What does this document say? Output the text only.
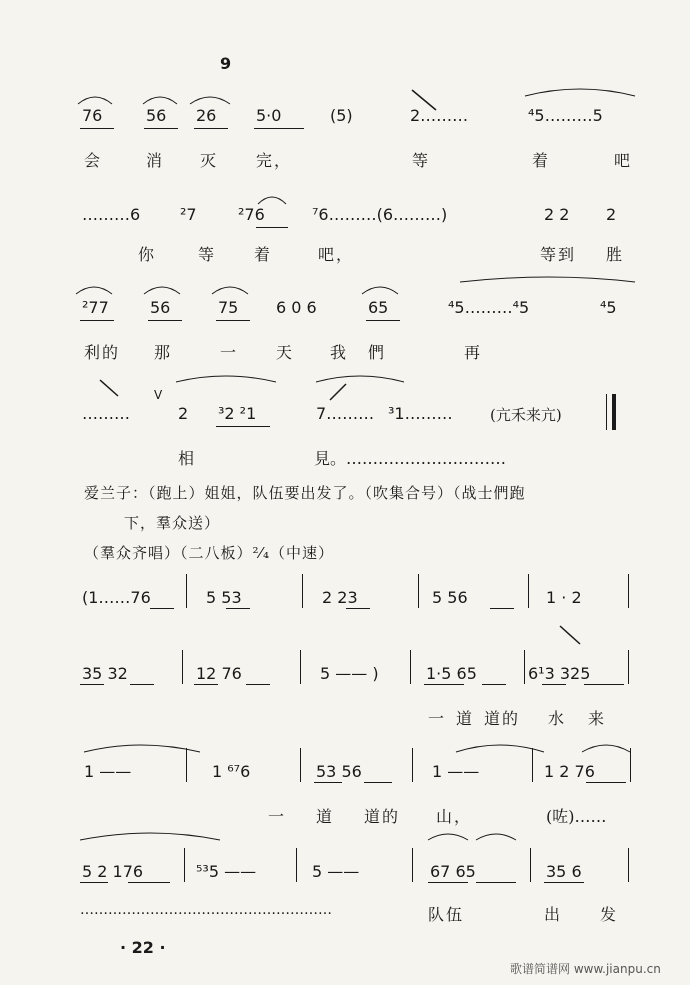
9
76	56 26 5·0	(5)	2………	⁴5………5
会	消 灭 完，	等	着	吧
………6 ²7	²76	⁷6………(6………)	2 2 2
你	等 着	吧，	等到 胜
²77	56	75 6 0 6	65	⁴5………⁴5	⁴5
利的 那	一 天 我 們	再
………
V
2 ³2 ²1	7……… ³1……… (亢禾来亢)
相	見。…………………………
爱兰子：（跑上）姐姐，队伍要出发了。（吹集合号）（战士們跑
下，羣众送）
（羣众齐唱）（二八板）²⁄₄（中速）
(1……76	5 53	2 23	5 56	1 · 2
35 32	12 76	5 —— )	1·5 65	6¹3 325
一 道 道的 水 来
1 ——	1 ⁶⁷6	53 56	1 ——	1 2 76
一 道 道的 山，	(咗)……
5 2 176	⁵³5 ——	5 ——	67 65	35 6
………………………………………………	队伍	出 发
· 22 ·
歌谱简谱网 www.jianpu.cn
